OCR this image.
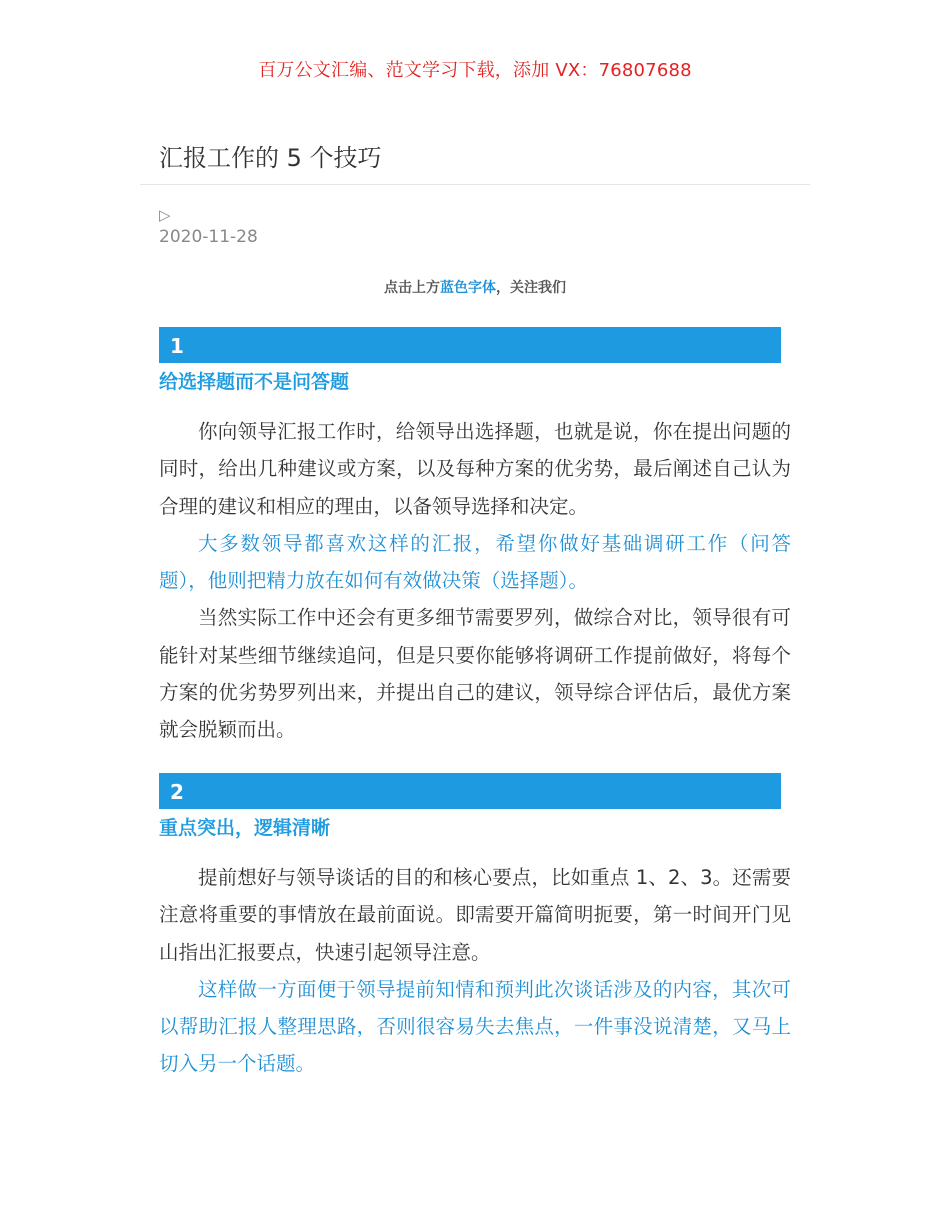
百万公文汇编、范文学习下载，添加 VX：76807688
汇报工作的 5 个技巧
▷
2020-11-28
点击上方蓝色字体，关注我们
1
给选择题而不是问答题

你向领导汇报工作时，给领导出选择题，也就是说，你在提出问题的同时，给出几种建议或方案，以及每种方案的优劣势，最后阐述自己认为合理的建议和相应的理由，以备领导选择和决定。

大多数领导都喜欢这样的汇报，希望你做好基础调研工作（问答题），他则把精力放在如何有效做决策（选择题）。

当然实际工作中还会有更多细节需要罗列，做综合对比，领导很有可能针对某些细节继续追问，但是只要你能够将调研工作提前做好，将每个方案的优劣势罗列出来，并提出自己的建议，领导综合评估后，最优方案就会脱颖而出。

2
重点突出，逻辑清晰

提前想好与领导谈话的目的和核心要点，比如重点 1、2、3。还需要注意将重要的事情放在最前面说。即需要开篇简明扼要，第一时间开门见山指出汇报要点，快速引起领导注意。

这样做一方面便于领导提前知情和预判此次谈话涉及的内容，其次可以帮助汇报人整理思路，否则很容易失去焦点，一件事没说清楚，又马上切入另一个话题。
